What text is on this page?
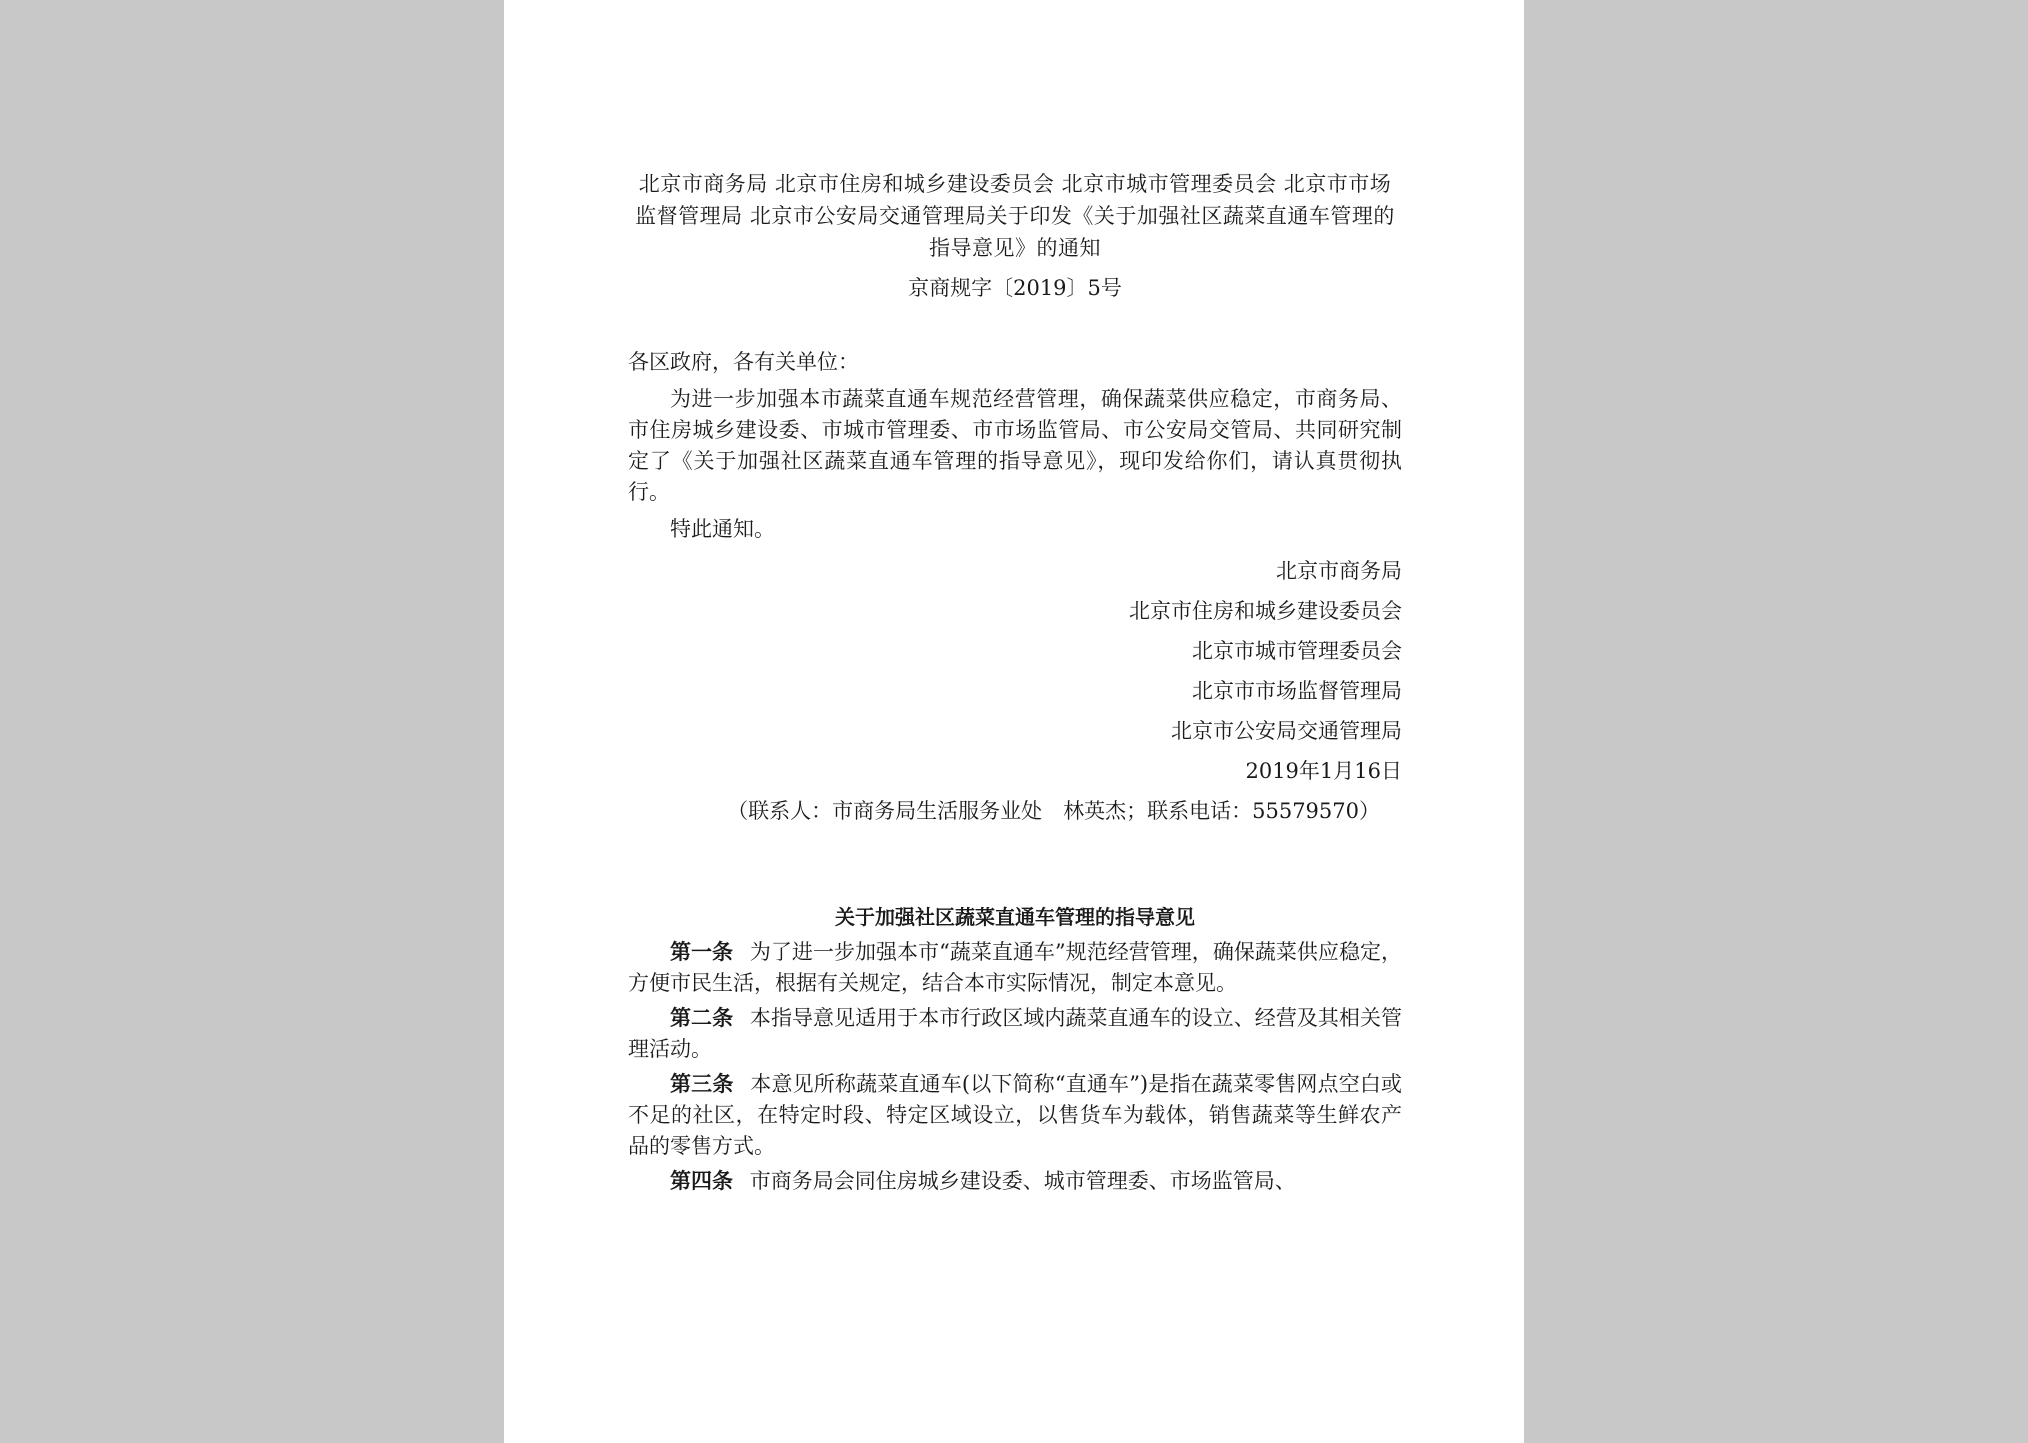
北京市商务局 北京市住房和城乡建设委员会 北京市城市管理委员会 北京市市场监督管理局 北京市公安局交通管理局关于印发《关于加强社区蔬菜直通车管理的指导意见》的通知
京商规字〔2019〕5号
各区政府，各有关单位：

为进一步加强本市蔬菜直通车规范经营管理，确保蔬菜供应稳定，市商务局、市住房城乡建设委、市城市管理委、市市场监管局、市公安局交管局、共同研究制定了《关于加强社区蔬菜直通车管理的指导意见》，现印发给你们，请认真贯彻执行。

特此通知。

北京市商务局
北京市住房和城乡建设委员会
北京市城市管理委员会
北京市市场监督管理局
北京市公安局交通管理局
2019年1月16日
（联系人：市商务局生活服务业处　林英杰；联系电话：55579570）
关于加强社区蔬菜直通车管理的指导意见

第一条 为了进一步加强本市“蔬菜直通车”规范经营管理，确保蔬菜供应稳定，方便市民生活，根据有关规定，结合本市实际情况，制定本意见。

第二条 本指导意见适用于本市行政区域内蔬菜直通车的设立、经营及其相关管理活动。

第三条 本意见所称蔬菜直通车(以下简称“直通车”)是指在蔬菜零售网点空白或不足的社区，在特定时段、特定区域设立，以售货车为载体，销售蔬菜等生鲜农产品的零售方式。

第四条 市商务局会同住房城乡建设委、城市管理委、市场监管局、
